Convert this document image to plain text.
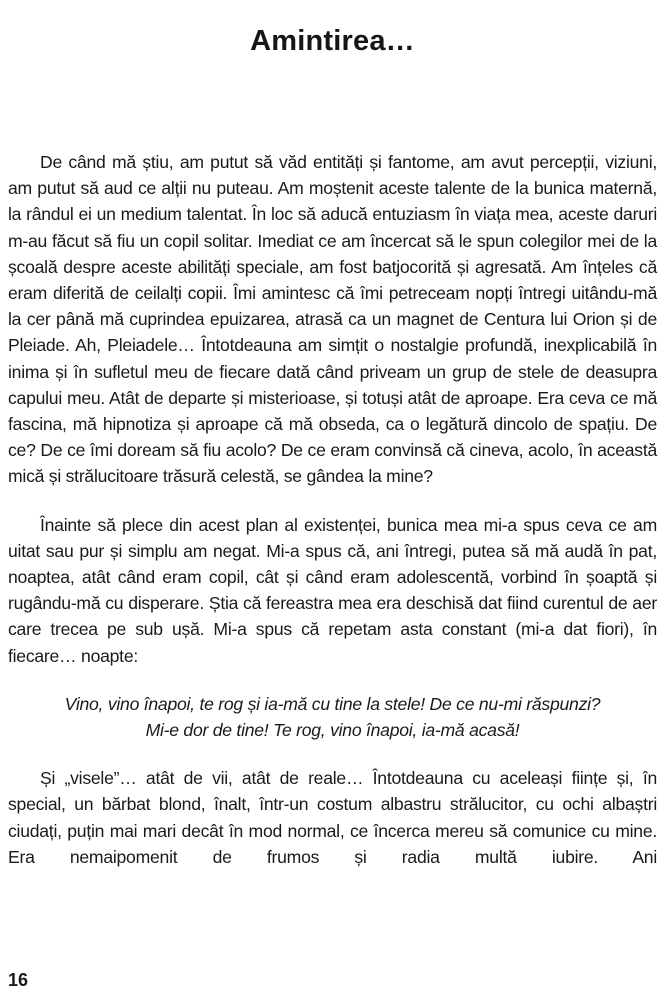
Amintirea…

De când mă știu, am putut să văd entități și fantome, am avut percepții, viziuni, am putut să aud ce alții nu puteau. Am moștenit aceste talente de la bunica maternă, la rândul ei un medium talentat. În loc să aducă entuziasm în viața mea, aceste daruri m-au făcut să fiu un copil solitar. Imediat ce am încercat să le spun colegilor mei de la școală despre aceste abilități speciale, am fost batjocorită și agresată. Am înțeles că eram diferită de ceilalți copii. Îmi amintesc că îmi petreceam nopți întregi uitându-mă la cer până mă cuprindea epuizarea, atrasă ca un magnet de Centura lui Orion și de Pleiade. Ah, Pleiadele… Întotdeauna am simțit o nostalgie profundă, inexplicabilă în inima și în sufletul meu de fiecare dată când priveam un grup de stele de deasupra capului meu. Atât de departe și misterioase, și totuși atât de aproape. Era ceva ce mă fascina, mă hipnotiza și aproape că mă obseda, ca o legătură dincolo de spațiu. De ce? De ce îmi doream să fiu acolo? De ce eram convinsă că cineva, acolo, în această mică și strălucitoare trăsură celestă, se gândea la mine?

Înainte să plece din acest plan al existenței, bunica mea mi-a spus ceva ce am uitat sau pur și simplu am negat. Mi-a spus că, ani întregi, putea să mă audă în pat, noaptea, atât când eram copil, cât și când eram adolescentă, vorbind în șoaptă și rugându-mă cu disperare. Știa că fereastra mea era deschisă dat fiind curentul de aer care trecea pe sub ușă. Mi-a spus că repetam asta constant (mi-a dat fiori), în fiecare… noapte:

Vino, vino înapoi, te rog și ia-mă cu tine la stele! De ce nu-mi răspunzi?
Mi-e dor de tine! Te rog, vino înapoi, ia-mă acasă!

Și „visele”… atât de vii, atât de reale… Întotdeauna cu aceleași ființe și, în special, un bărbat blond, înalt, într-un costum albastru strălucitor, cu ochi albaștri ciudați, puțin mai mari decât în mod normal, ce încerca mereu să comunice cu mine. Era nemaipomenit de frumos și radia multă iubire. Ani

16
